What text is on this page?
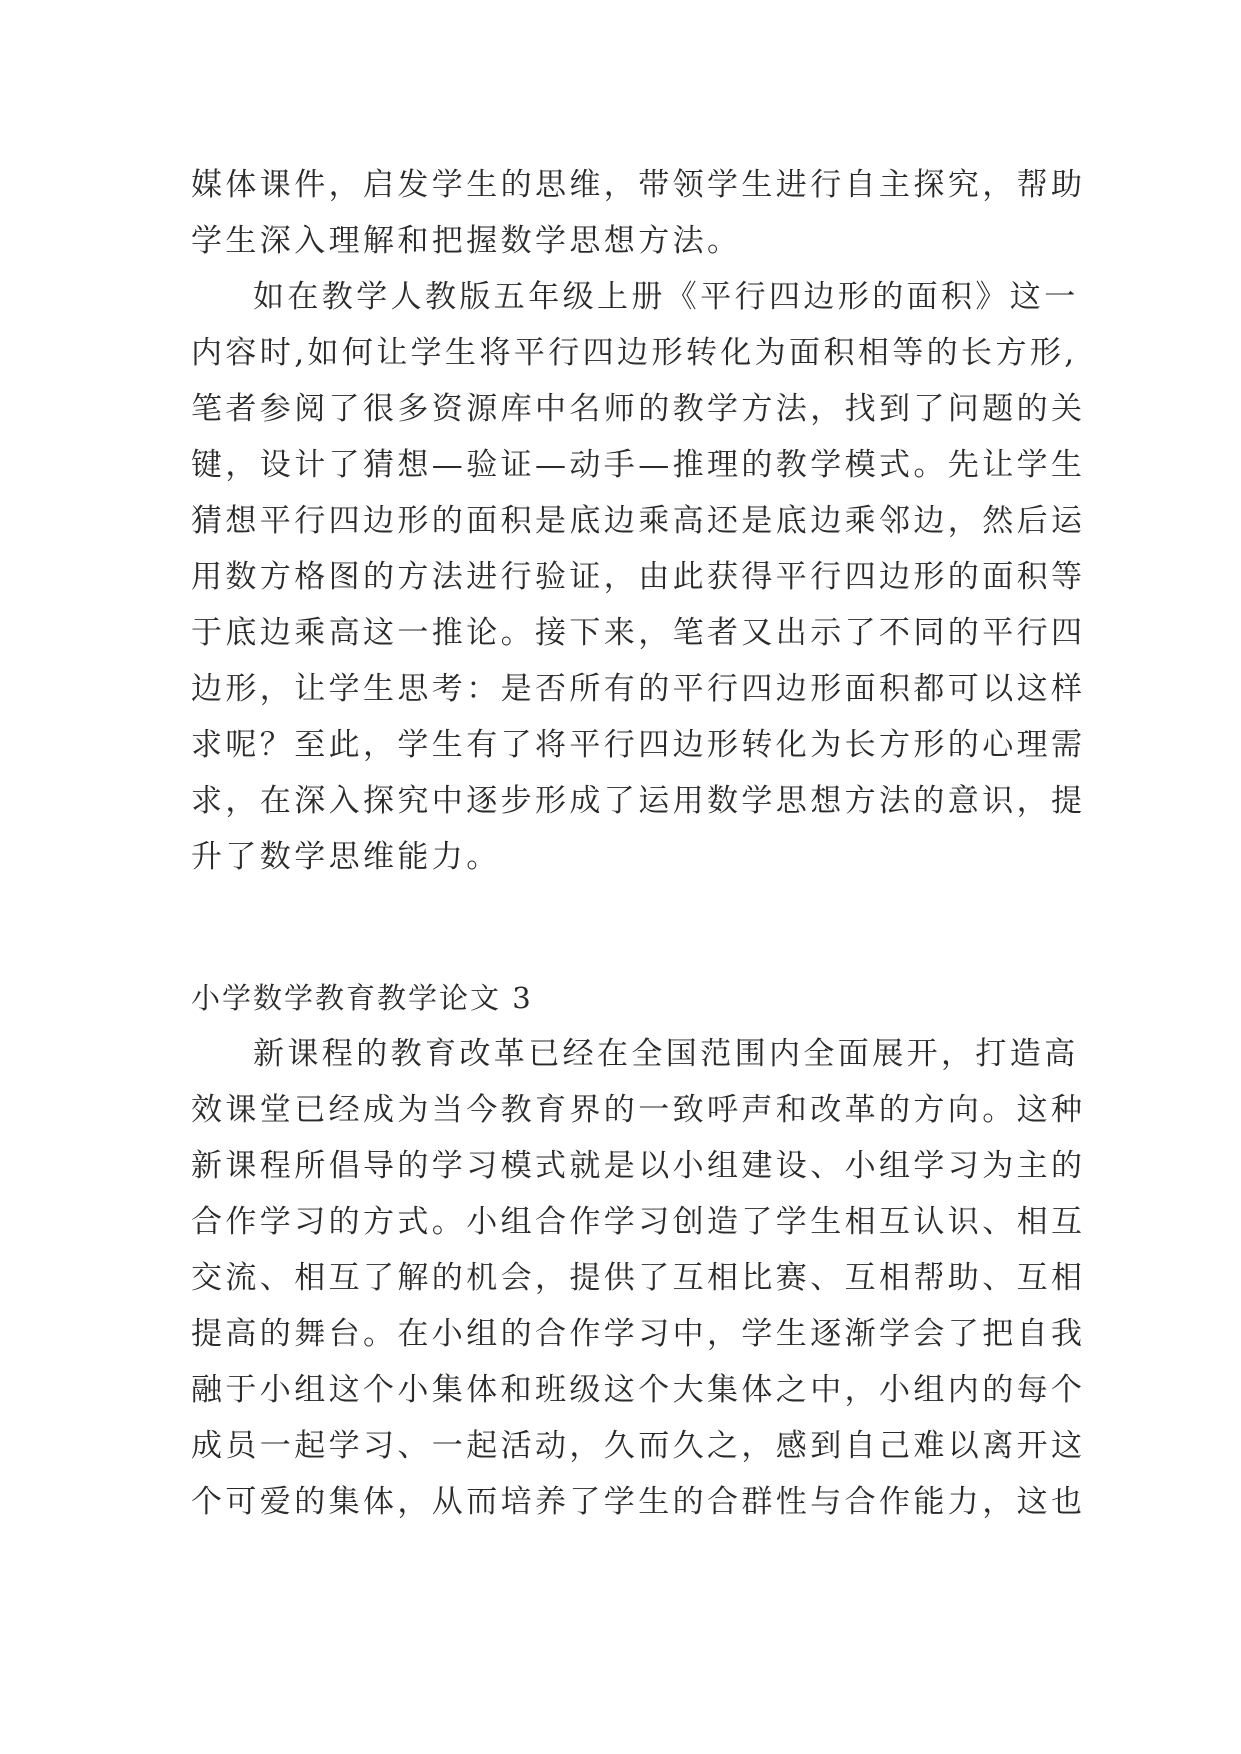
媒体课件，启发学生的思维，带领学生进行自主探究，帮助

学生深入理解和把握数学思想方法。

如在教学人教版五年级上册《平行四边形的面积》这一

内容时,如何让学生将平行四边形转化为面积相等的长方形,

笔者参阅了很多资源库中名师的教学方法，找到了问题的关

键，设计了猜想—验证—动手—推理的教学模式。先让学生

猜想平行四边形的面积是底边乘高还是底边乘邻边，然后运

用数方格图的方法进行验证，由此获得平行四边形的面积等

于底边乘高这一推论。接下来，笔者又出示了不同的平行四

边形，让学生思考：是否所有的平行四边形面积都可以这样

求呢？至此，学生有了将平行四边形转化为长方形的心理需

求，在深入探究中逐步形成了运用数学思想方法的意识，提

升了数学思维能力。

小学数学教育教学论文 3

新课程的教育改革已经在全国范围内全面展开，打造高

效课堂已经成为当今教育界的一致呼声和改革的方向。这种

新课程所倡导的学习模式就是以小组建设、小组学习为主的

合作学习的方式。小组合作学习创造了学生相互认识、相互

交流、相互了解的机会，提供了互相比赛、互相帮助、互相

提高的舞台。在小组的合作学习中，学生逐渐学会了把自我

融于小组这个小集体和班级这个大集体之中，小组内的每个

成员一起学习、一起活动，久而久之，感到自己难以离开这

个可爱的集体，从而培养了学生的合群性与合作能力，这也
